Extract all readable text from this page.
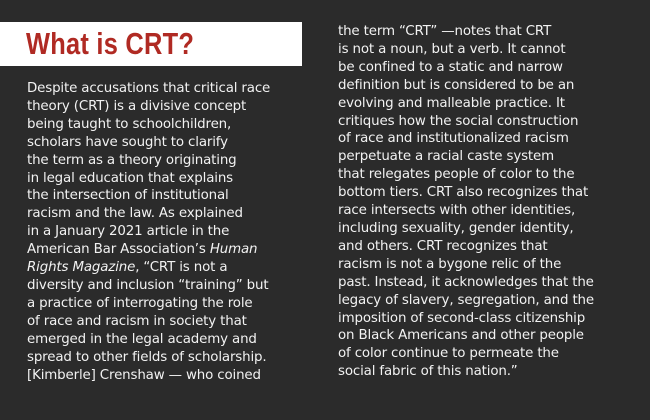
What is CRT?
Despite accusations that critical race
theory (CRT) is a divisive concept
being taught to schoolchildren,
scholars have sought to clarify
the term as a theory originating
in legal education that explains
the intersection of institutional
racism and the law. As explained
in a January 2021 article in the
American Bar Association’s Human
Rights Magazine, “CRT is not a
diversity and inclusion “training” but
a practice of interrogating the role
of race and racism in society that
emerged in the legal academy and
spread to other fields of scholarship.
[Kimberle] Crenshaw — who coined
the term “CRT” —notes that CRT
is not a noun, but a verb. It cannot
be confined to a static and narrow
definition but is considered to be an
evolving and malleable practice. It
critiques how the social construction
of race and institutionalized racism
perpetuate a racial caste system
that relegates people of color to the
bottom tiers. CRT also recognizes that
race intersects with other identities,
including sexuality, gender identity,
and others. CRT recognizes that
racism is not a bygone relic of the
past. Instead, it acknowledges that the
legacy of slavery, segregation, and the
imposition of second-class citizenship
on Black Americans and other people
of color continue to permeate the
social fabric of this nation.”
